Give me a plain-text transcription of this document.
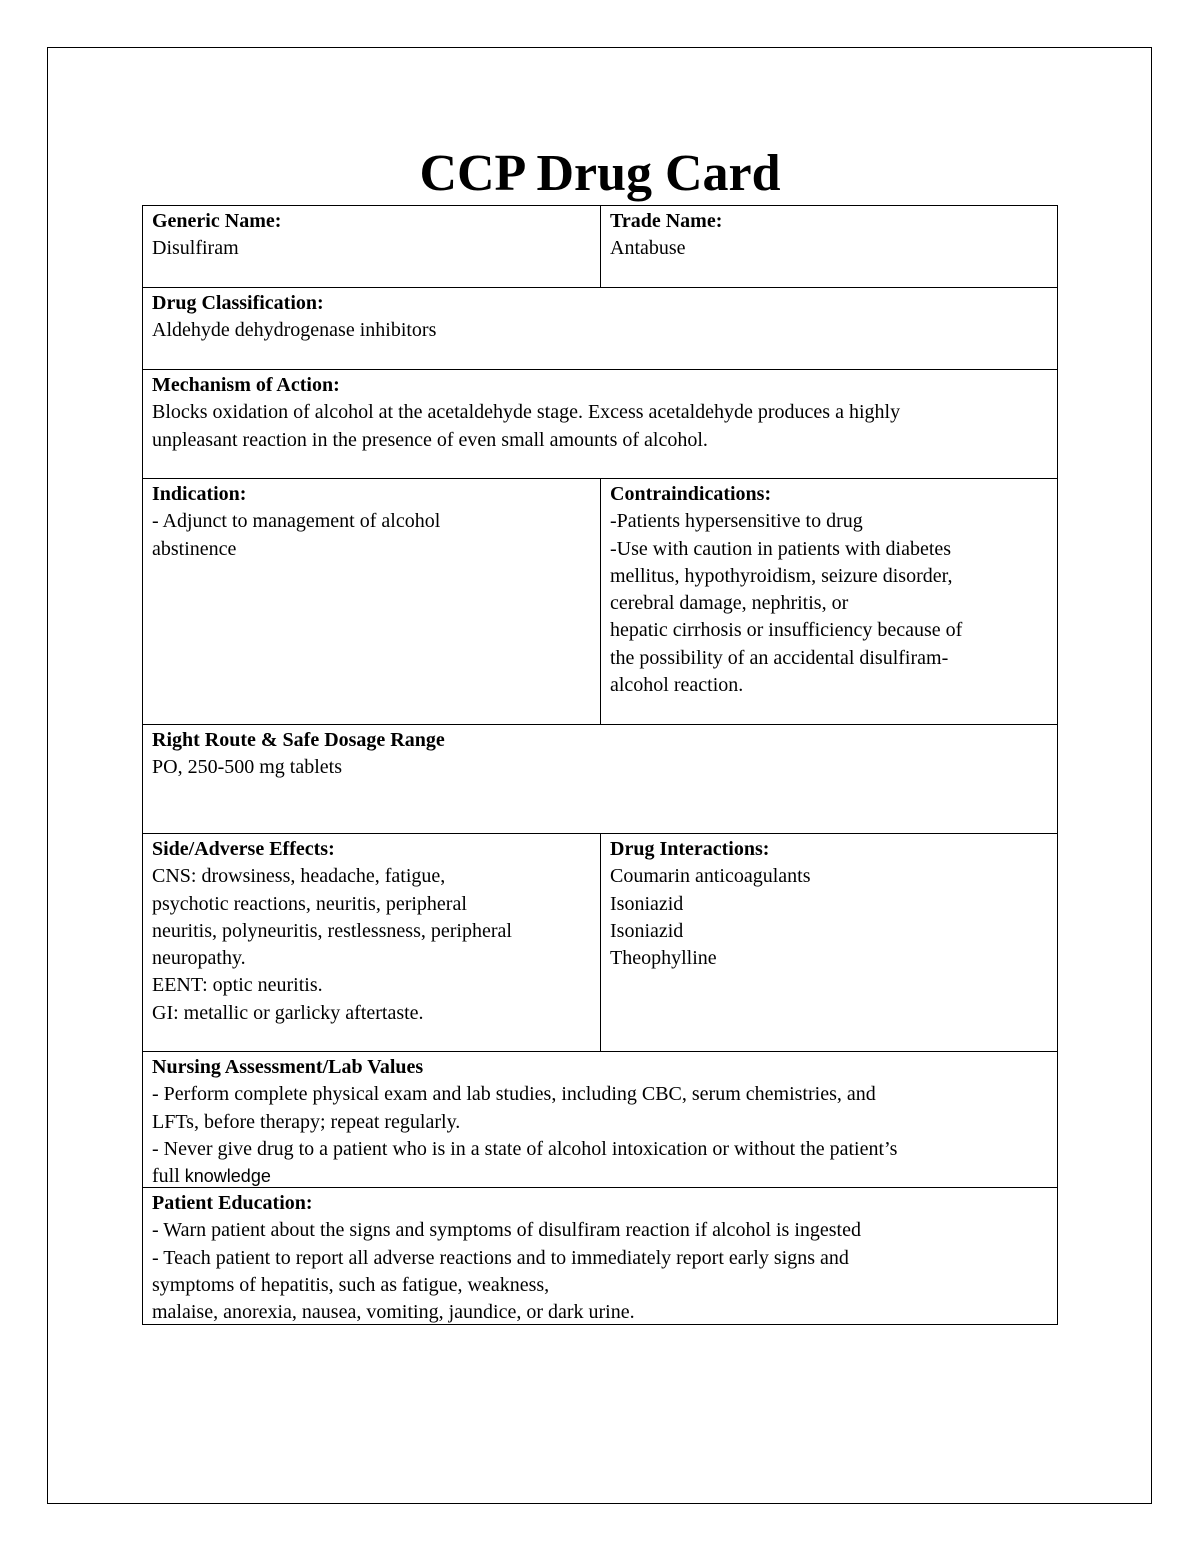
CCP Drug Card
Generic Name:
Disulfiram
Trade Name:
Antabuse
Drug Classification:
Aldehyde dehydrogenase inhibitors
Mechanism of Action:
Blocks oxidation of alcohol at the acetaldehyde stage. Excess acetaldehyde produces a highly
unpleasant reaction in the presence of even small amounts of alcohol.
Indication:
- Adjunct to management of alcohol
abstinence
Contraindications:
-Patients hypersensitive to drug
-Use with caution in patients with diabetes
mellitus, hypothyroidism, seizure disorder,
cerebral damage, nephritis, or
hepatic cirrhosis or insufficiency because of
the possibility of an accidental disulfiram-
alcohol reaction.
Right Route & Safe Dosage Range
PO, 250-500 mg tablets
Side/Adverse Effects:
CNS: drowsiness, headache, fatigue,
psychotic reactions, neuritis, peripheral
neuritis, polyneuritis, restlessness, peripheral
neuropathy.
EENT: optic neuritis.
GI: metallic or garlicky aftertaste.
Drug Interactions:
Coumarin anticoagulants
Isoniazid
Isoniazid
Theophylline
Nursing Assessment/Lab Values
- Perform complete physical exam and lab studies, including CBC, serum chemistries, and
LFTs, before therapy; repeat regularly.
- Never give drug to a patient who is in a state of alcohol intoxication or without the patient’s
full knowledge
Patient Education:
- Warn patient about the signs and symptoms of disulfiram reaction if alcohol is ingested
- Teach patient to report all adverse reactions and to immediately report early signs and
symptoms of hepatitis, such as fatigue, weakness,
malaise, anorexia, nausea, vomiting, jaundice, or dark urine.
